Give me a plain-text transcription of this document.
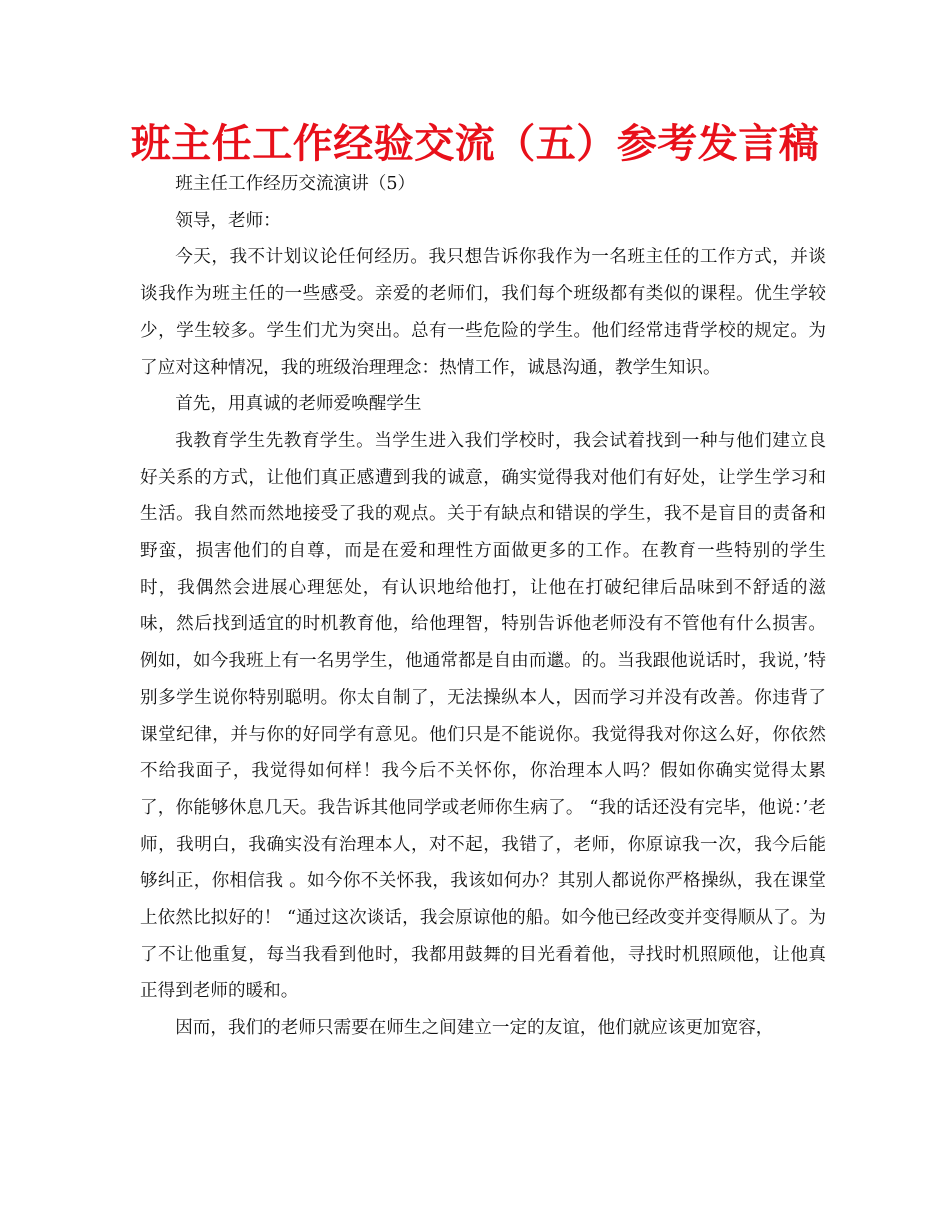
班主任工作经验交流（五）参考发言稿

班主任工作经历交流演讲（5）

领导，老师：

今天，我不计划议论任何经历。我只想告诉你我作为一名班主任的工作方式，并谈谈我作为班主任的一些感受。亲爱的老师们，我们每个班级都有类似的课程。优生学较少，学生较多。学生们尤为突出。总有一些危险的学生。他们经常违背学校的规定。为了应对这种情况，我的班级治理理念：热情工作，诚恳沟通，教学生知识。

首先，用真诚的老师爱唤醒学生

我教育学生先教育学生。当学生进入我们学校时，我会试着找到一种与他们建立良好关系的方式，让他们真正感遭到我的诚意，确实觉得我对他们有好处，让学生学习和生活。我自然而然地接受了我的观点。关于有缺点和错误的学生，我不是盲目的责备和野蛮，损害他们的自尊，而是在爱和理性方面做更多的工作。在教育一些特别的学生时，我偶然会进展心理惩处，有认识地给他打，让他在打破纪律后品味到不舒适的滋味，然后找到适宜的时机教育他，给他理智，特别告诉他老师没有不管他有什么损害。例如，如今我班上有一名男学生，他通常都是自由而邋。的。当我跟他说话时，我说，’特别多学生说你特别聪明。你太自制了，无法操纵本人，因而学习并没有改善。你违背了课堂纪律，并与你的好同学有意见。他们只是不能说你。我觉得我对你这么好，你依然不给我面子，我觉得如何样！我今后不关怀你，你治理本人吗？假如你确实觉得太累了，你能够休息几天。我告诉其他同学或老师你生病了。 “我的话还没有完毕，他说：’老师，我明白，我确实没有治理本人，对不起，我错了，老师，你原谅我一次，我今后能够纠正，你相信我 。如今你不关怀我，我该如何办？其别人都说你严格操纵，我在课堂上依然比拟好的！ “通过这次谈话，我会原谅他的船。如今他已经改变并变得顺从了。为了不让他重复，每当我看到他时，我都用鼓舞的目光看着他，寻找时机照顾他，让他真正得到老师的暖和。

因而，我们的老师只需要在师生之间建立一定的友谊，他们就应该更加宽容，
